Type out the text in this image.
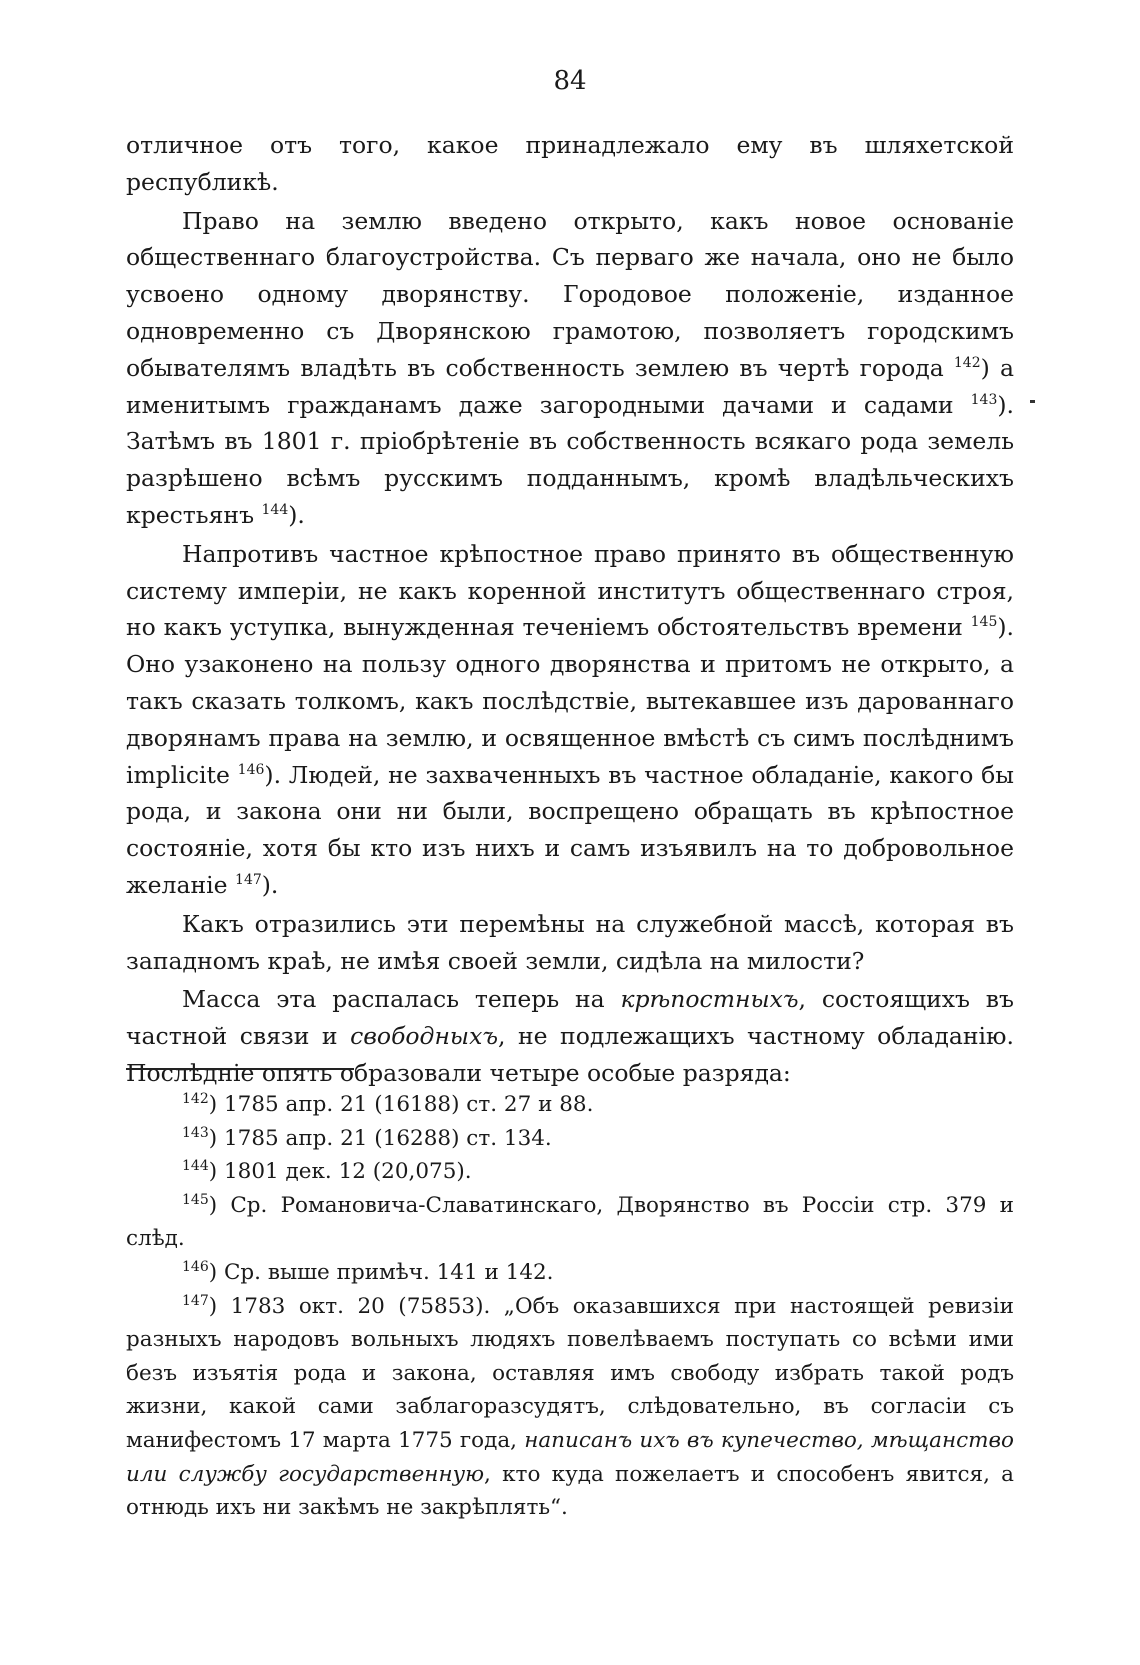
84

отличное отъ того, какое принадлежало ему въ шляхетской республикѣ.

Право на землю введено открыто, какъ новое основаніе общественнаго благоустройства. Съ перваго же начала, оно не было усвоено одному дворянству. Городовое положеніе, изданное одновременно съ Дворянскою грамотою, позволяетъ городскимъ обывателямъ владѣть въ собственность землею въ чертѣ города $^{142}$) а именитымъ гражданамъ даже загородными дачами и садами $^{143}$). Затѣмъ въ 1801 г. пріобрѣтеніе въ собственность всякаго рода земель разрѣшено всѣмъ русскимъ подданнымъ, кромѣ владѣльческихъ крестьянъ $^{144}$).

Напротивъ частное крѣпостное право принято въ общественную систему имперіи, не какъ коренной институтъ общественнаго строя, но какъ уступка, вынужденная теченіемъ обстоятельствъ времени $^{145}$). Оно узаконено на пользу одного дворянства и притомъ не открыто, а такъ сказать толкомъ, какъ послѣдствіе, вытекавшее изъ дарованнаго дворянамъ права на землю, и освященное вмѣстѣ съ симъ послѣднимъ implicite $^{146}$). Людей, не захваченныхъ въ частное обладаніе, какого бы рода, и закона они ни были, воспрещено обращать въ крѣпостное состояніе, хотя бы кто изъ нихъ и самъ изъявилъ на то добровольное желаніе $^{147}$).

Какъ отразились эти перемѣны на служебной массѣ, которая въ западномъ краѣ, не имѣя своей земли, сидѣла на милости?

Масса эта распалась теперь на крѣпостныхъ, состоящихъ въ частной связи и свободныхъ, не подлежащихъ частному обладанію. Послѣдніе опять образовали четыре особые разряда:

$^{142}$) 1785 апр. 21 (16188) ст. 27 и 88.

$^{143}$) 1785 апр. 21 (16288) ст. 134.

$^{144}$) 1801 дек. 12 (20,075).

$^{145}$) Ср. Романовича-Славатинскаго, Дворянство въ Россіи стр. 379 и слѣд.

$^{146}$) Ср. выше примѣч. 141 и 142.

$^{147}$) 1783 окт. 20 (75853). „Объ оказавшихся при настоящей ревизіи разныхъ народовъ вольныхъ людяхъ повелѣваемъ поступать со всѣми ими безъ изъятія рода и закона, оставляя имъ свободу избрать такой родъ жизни, какой сами заблагоразсудятъ, слѣдовательно, въ согласіи съ манифестомъ 17 марта 1775 года, написанъ ихъ въ купечество, мѣщанство или службу государственную, кто куда пожелаетъ и способенъ явится, а отнюдь ихъ ни закѣмъ не закрѣплять“.
